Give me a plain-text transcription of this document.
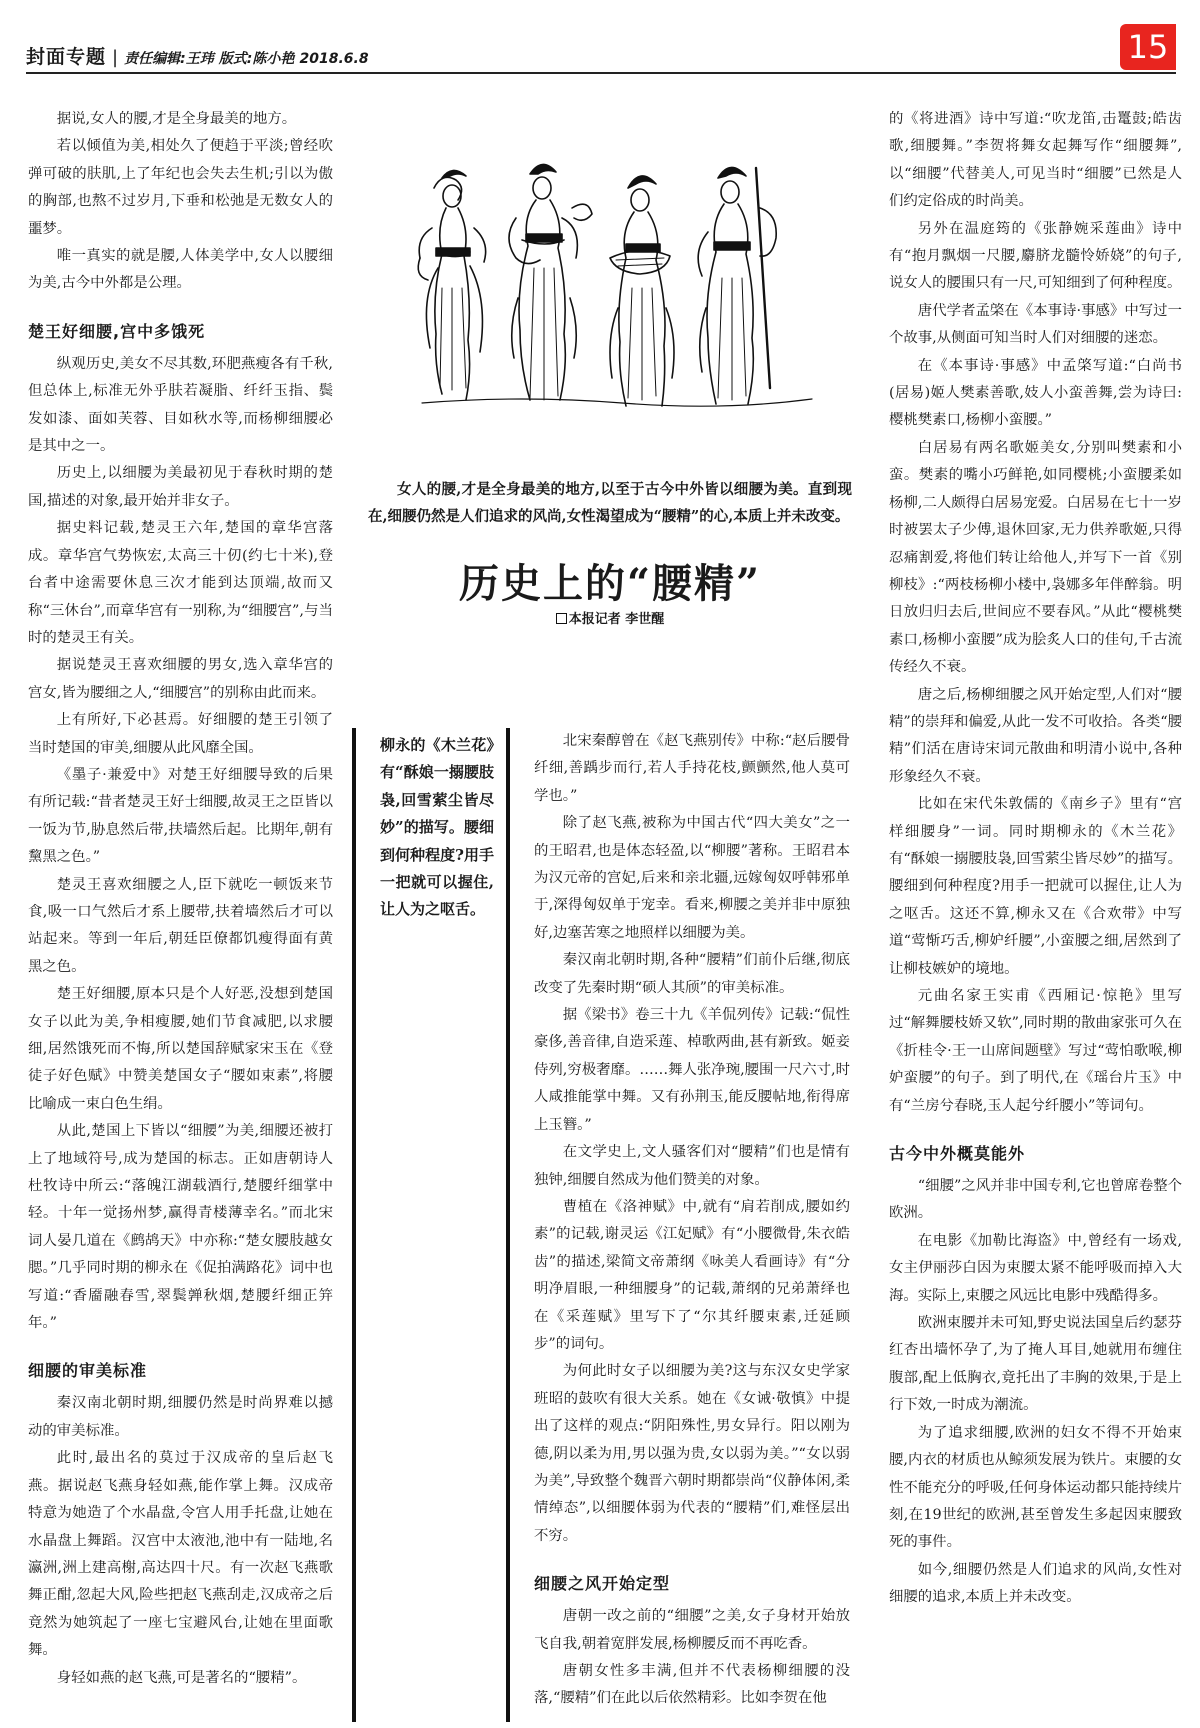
封面专题 | 责任编辑:王玮 版式:陈小艳 2018.6.8	15

据说,女人的腰,才是全身最美的地方。

若以倾值为美,相处久了便趋于平淡;曾经吹弹可破的肤肌,上了年纪也会失去生机;引以为傲的胸部,也熬不过岁月,下垂和松弛是无数女人的噩梦。

唯一真实的就是腰,人体美学中,女人以腰细为美,古今中外都是公理。

楚王好细腰,宫中多饿死

纵观历史,美女不尽其数,环肥燕瘦各有千秋,但总体上,标准无外乎肤若凝脂、纤纤玉指、鬓发如漆、面如芙蓉、目如秋水等,而杨柳细腰必是其中之一。

历史上,以细腰为美最初见于春秋时期的楚国,描述的对象,最开始并非女子。

据史料记载,楚灵王六年,楚国的章华宫落成。章华宫气势恢宏,太高三十仞(约七十米),登台者中途需要休息三次才能到达顶端,故而又称“三休台”,而章华宫有一别称,为“细腰宫”,与当时的楚灵王有关。

据说楚灵王喜欢细腰的男女,选入章华宫的宫女,皆为腰细之人,“细腰宫”的别称由此而来。

上有所好,下必甚焉。好细腰的楚王引领了当时楚国的审美,细腰从此风靡全国。

《墨子·兼爱中》对楚王好细腰导致的后果有所记载:“昔者楚灵王好士细腰,故灵王之臣皆以一饭为节,胁息然后带,扶墙然后起。比期年,朝有黧黑之色。”

楚灵王喜欢细腰之人,臣下就吃一顿饭来节食,吸一口气然后才系上腰带,扶着墙然后才可以站起来。等到一年后,朝廷臣僚都饥瘦得面有黄黑之色。

楚王好细腰,原本只是个人好恶,没想到楚国女子以此为美,争相瘦腰,她们节食减肥,以求腰细,居然饿死而不悔,所以楚国辞赋家宋玉在《登徒子好色赋》中赞美楚国女子“腰如束素”,将腰比喻成一束白色生绢。

从此,楚国上下皆以“细腰”为美,细腰还被打上了地域符号,成为楚国的标志。正如唐朝诗人杜牧诗中所云:“落魄江湖载酒行,楚腰纤细掌中轻。十年一觉扬州梦,赢得青楼薄幸名。”而北宋词人晏几道在《鹧鸪天》中亦称:“楚女腰肢越女腮。”几乎同时期的柳永在《促拍满路花》词中也写道:“香靥融春雪,翠鬓亸秋烟,楚腰纤细正笄年。”

细腰的审美标准

秦汉南北朝时期,细腰仍然是时尚界难以撼动的审美标准。

此时,最出名的莫过于汉成帝的皇后赵飞燕。据说赵飞燕身轻如燕,能作掌上舞。汉成帝特意为她造了个水晶盘,令宫人用手托盘,让她在水晶盘上舞蹈。汉宫中太液池,池中有一陆地,名瀛洲,洲上建高榭,高达四十尺。有一次赵飞燕歌舞正酣,忽起大风,险些把赵飞燕刮走,汉成帝之后竟然为她筑起了一座七宝避风台,让她在里面歌舞。

身轻如燕的赵飞燕,可是著名的“腰精”。

女人的腰,才是全身最美的地方,以至于古今中外皆以细腰为美。直到现在,细腰仍然是人们追求的风尚,女性渴望成为“腰精”的心,本质上并未改变。
历史上的“腰精”
本报记者 李世醒
柳永的《木兰花》有“酥娘一搦腰肢袅,回雪萦尘皆尽妙”的描写。腰细到何种程度?用手一把就可以握住,让人为之呕舌。

北宋秦醇曾在《赵飞燕别传》中称:“赵后腰骨纤细,善踽步而行,若人手持花枝,颤颤然,他人莫可学也。”

除了赵飞燕,被称为中国古代“四大美女”之一的王昭君,也是体态轻盈,以“柳腰”著称。王昭君本为汉元帝的宫妃,后来和亲北疆,远嫁匈奴呼韩邪单于,深得匈奴单于宠幸。看来,柳腰之美并非中原独好,边塞苦寒之地照样以细腰为美。

秦汉南北朝时期,各种“腰精”们前仆后继,彻底改变了先秦时期“硕人其颀”的审美标准。

据《梁书》卷三十九《羊侃列传》记载:“侃性豪侈,善音律,自造采莲、棹歌两曲,甚有新致。姬妾侍列,穷极奢靡。……舞人张净琬,腰围一尺六寸,时人咸推能掌中舞。又有孙荆玉,能反腰帖地,衔得席上玉簪。”

在文学史上,文人骚客们对“腰精”们也是情有独钟,细腰自然成为他们赞美的对象。

曹植在《洛神赋》中,就有“肩若削成,腰如约素”的记载,谢灵运《江妃赋》有“小腰微骨,朱衣皓齿”的描述,梁简文帝萧纲《咏美人看画诗》有“分明净眉眼,一种细腰身”的记载,萧纲的兄弟萧绎也在《采莲赋》里写下了“尔其纤腰束素,迁延顾步”的词句。

为何此时女子以细腰为美?这与东汉女史学家班昭的鼓吹有很大关系。她在《女诫·敬慎》中提出了这样的观点:“阴阳殊性,男女异行。阳以刚为德,阴以柔为用,男以强为贵,女以弱为美。”“女以弱为美”,导致整个魏晋六朝时期都崇尚“仪静体闲,柔情绰态”,以细腰体弱为代表的“腰精”们,难怪层出不穷。

细腰之风开始定型

唐朝一改之前的“细腰”之美,女子身材开始放飞自我,朝着宽胖发展,杨柳腰反而不再吃香。

唐朝女性多丰满,但并不代表杨柳细腰的没落,“腰精”们在此以后依然精彩。比如李贺在他

的《将进酒》诗中写道:“吹龙笛,击鼍鼓;皓齿歌,细腰舞。”李贺将舞女起舞写作“细腰舞”,以“细腰”代替美人,可见当时“细腰”已然是人们约定俗成的时尚美。

另外在温庭筠的《张静婉采莲曲》诗中有“抱月飘烟一尺腰,麝脐龙髓怜娇娆”的句子,说女人的腰围只有一尺,可知细到了何种程度。

唐代学者孟棨在《本事诗·事感》中写过一个故事,从侧面可知当时人们对细腰的迷恋。

在《本事诗·事感》中孟棨写道:“白尚书(居易)姬人樊素善歌,妓人小蛮善舞,尝为诗曰:樱桃樊素口,杨柳小蛮腰。”

白居易有两名歌姬美女,分别叫樊素和小蛮。樊素的嘴小巧鲜艳,如同樱桃;小蛮腰柔如杨柳,二人颇得白居易宠爱。白居易在七十一岁时被罢太子少傅,退休回家,无力供养歌姬,只得忍痛割爱,将他们转让给他人,并写下一首《别柳枝》:“两枝杨柳小楼中,袅娜多年伴醉翁。明日放归归去后,世间应不要春风。”从此“樱桃樊素口,杨柳小蛮腰”成为脍炙人口的佳句,千古流传经久不衰。

唐之后,杨柳细腰之风开始定型,人们对“腰精”的崇拜和偏爱,从此一发不可收拾。各类“腰精”们活在唐诗宋词元散曲和明清小说中,各种形象经久不衰。

比如在宋代朱敦儒的《南乡子》里有“宫样细腰身”一词。同时期柳永的《木兰花》有“酥娘一搦腰肢袅,回雪萦尘皆尽妙”的描写。腰细到何种程度?用手一把就可以握住,让人为之呕舌。这还不算,柳永又在《合欢带》中写道“莺惭巧舌,柳妒纤腰”,小蛮腰之细,居然到了让柳枝嫉妒的境地。

元曲名家王实甫《西厢记·惊艳》里写过“解舞腰枝娇又软”,同时期的散曲家张可久在《折桂令·王一山席间题壁》写过“莺怕歌喉,柳妒蛮腰”的句子。到了明代,在《瑶台片玉》中有“兰房兮春晓,玉人起兮纤腰小”等词句。

古今中外概莫能外

“细腰”之风并非中国专利,它也曾席卷整个欧洲。

在电影《加勒比海盗》中,曾经有一场戏,女主伊丽莎白因为束腰太紧不能呼吸而掉入大海。实际上,束腰之风远比电影中残酷得多。

欧洲束腰并未可知,野史说法国皇后约瑟芬红杏出墙怀孕了,为了掩人耳目,她就用布缠住腹部,配上低胸衣,竟托出了丰胸的效果,于是上行下效,一时成为潮流。

为了追求细腰,欧洲的妇女不得不开始束腰,内衣的材质也从鲸须发展为铁片。束腰的女性不能充分的呼吸,任何身体运动都只能持续片刻,在19世纪的欧洲,甚至曾发生多起因束腰致死的事件。

如今,细腰仍然是人们追求的风尚,女性对细腰的追求,本质上并未改变。
